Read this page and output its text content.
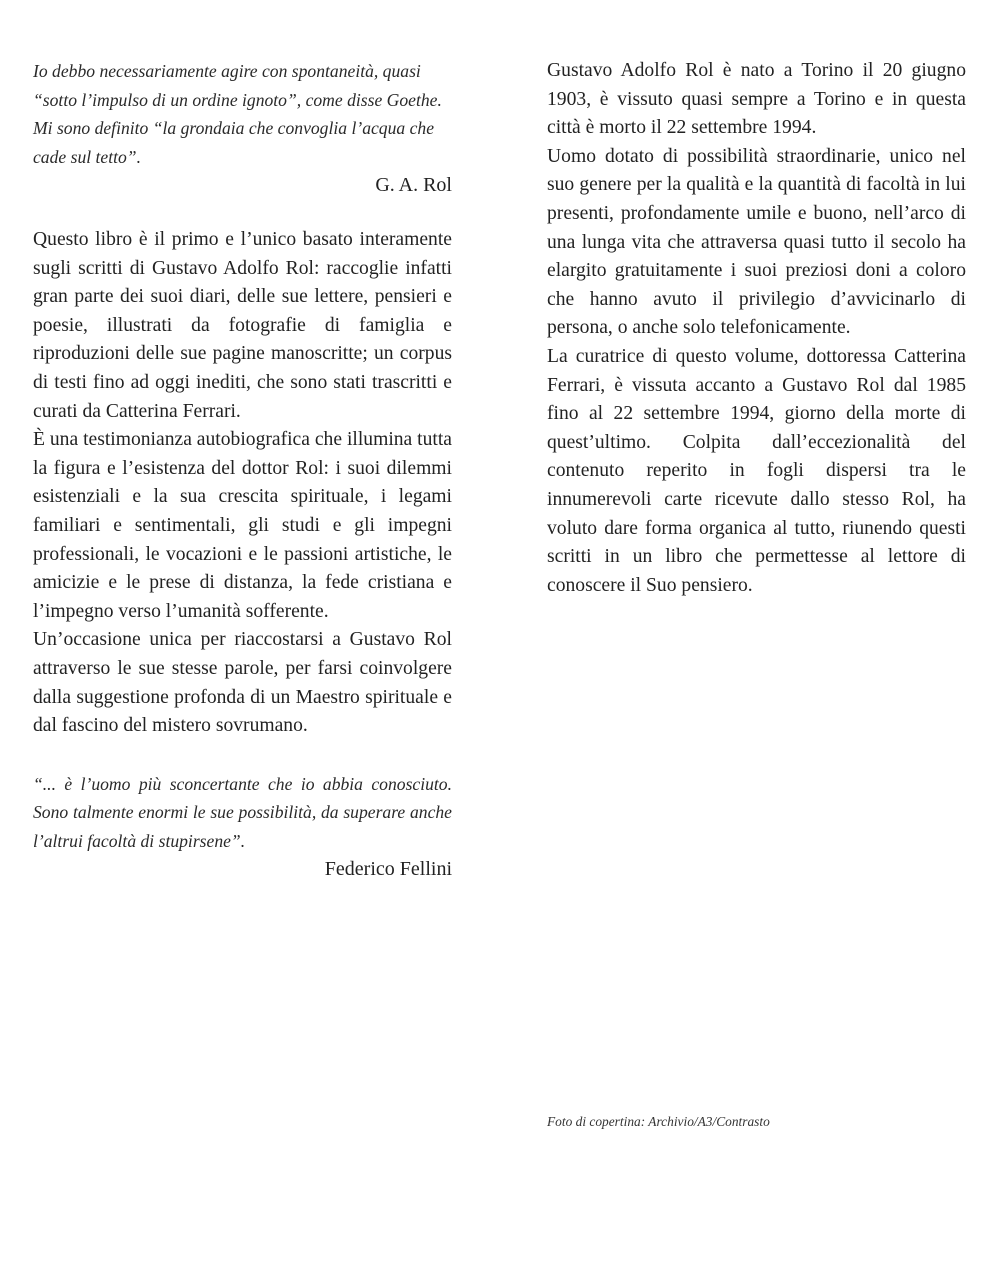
Io debbo necessariamente agire con spontaneità, quasi
“sotto l’impulso di un ordine ignoto”, come disse Goethe.
Mi sono definito “la grondaia che convoglia l’acqua che
cade sul tetto”.

G. A. Rol

Questo libro è il primo e l’unico basato interamente sugli scritti di Gustavo Adolfo Rol: raccoglie infatti gran parte dei suoi diari, delle sue lettere, pensieri e poesie, illustrati da fotografie di famiglia e riproduzioni delle sue pagine manoscritte; un corpus di testi fino ad oggi inediti, che sono stati trascritti e curati da Catterina Ferrari.

È una testimonianza autobiografica che illumina tutta la figura e l’esistenza del dottor Rol: i suoi dilemmi esistenziali e la sua crescita spirituale, i legami familiari e sentimentali, gli studi e gli impegni professionali, le vocazioni e le passioni artistiche, le amicizie e le prese di distanza, la fede cristiana e l’impegno verso l’umanità sofferente.

Un’occasione unica per riaccostarsi a Gustavo Rol attraverso le sue stesse parole, per farsi coinvolgere dalla suggestione profonda di un Maestro spirituale e dal fascino del mistero sovrumano.

“... è l’uomo più sconcertante che io abbia conosciuto. Sono talmente enormi le sue possibilità, da superare anche l’altrui facoltà di stupirsene”.

Federico Fellini

Gustavo Adolfo Rol è nato a Torino il 20 giugno 1903, è vissuto quasi sempre a Torino e in questa città è morto il 22 settembre 1994.

Uomo dotato di possibilità straordinarie, unico nel suo genere per la qualità e la quantità di facoltà in lui presenti, profondamente umile e buono, nell’arco di una lunga vita che attraversa quasi tutto il secolo ha elargito gratuitamente i suoi preziosi doni a coloro che hanno avuto il privilegio d’avvicinarlo di persona, o anche solo telefonicamente.

La curatrice di questo volume, dottoressa Catterina Ferrari, è vissuta accanto a Gustavo Rol dal 1985 fino al 22 settembre 1994, giorno della morte di quest’ultimo. Colpita dall’eccezionalità del contenuto reperito in fogli dispersi tra le innumerevoli carte ricevute dallo stesso Rol, ha voluto dare forma organica al tutto, riunendo questi scritti in un libro che permettesse al lettore di conoscere il Suo pensiero.

Foto di copertina: Archivio/A3/Contrasto
